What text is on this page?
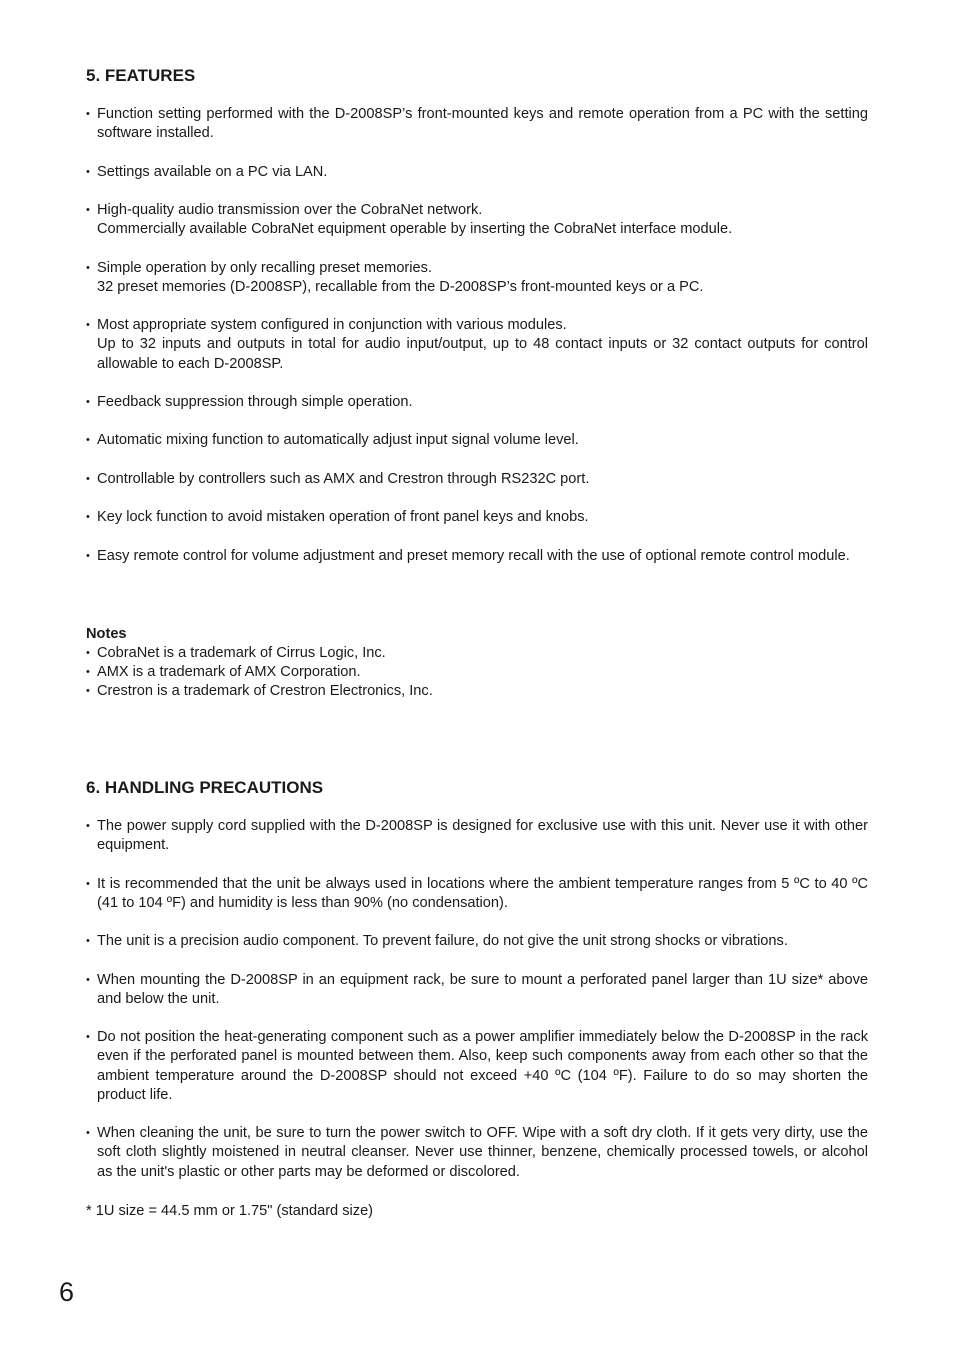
5. FEATURES
• Function setting performed with the D-2008SP’s front-mounted keys and remote operation from a PC with the setting software installed.
• Settings available on a PC via LAN.
• High-quality audio transmission over the CobraNet network.
Commercially available CobraNet equipment operable by inserting the CobraNet interface module.
• Simple operation by only recalling preset memories.
32 preset memories (D-2008SP), recallable from the D-2008SP’s front-mounted keys or a PC.
• Most appropriate system configured in conjunction with various modules.
Up to 32 inputs and outputs in total for audio input/output, up to 48 contact inputs or 32 contact outputs for control allowable to each D-2008SP.
• Feedback suppression through simple operation.
• Automatic mixing function to automatically adjust input signal volume level.
• Controllable by controllers such as AMX and Crestron through RS232C port.
• Key lock function to avoid mistaken operation of front panel keys and knobs.
• Easy remote control for volume adjustment and preset memory recall with the use of optional remote control module.

Notes

• CobraNet is a trademark of Cirrus Logic, Inc.
• AMX is a trademark of AMX Corporation.
• Crestron is a trademark of Crestron Electronics, Inc.
6. HANDLING PRECAUTIONS
• The power supply cord supplied with the D-2008SP is designed for exclusive use with this unit. Never use it with other equipment.
• It is recommended that the unit be always used in locations where the ambient temperature ranges from 5 ºC to 40 ºC (41 to 104 ºF) and humidity is less than 90% (no condensation).
• The unit is a precision audio component. To prevent failure, do not give the unit strong shocks or vibrations.
• When mounting the D-2008SP in an equipment rack, be sure to mount a perforated panel larger than 1U size* above and below the unit.
• Do not position the heat-generating component such as a power amplifier immediately below the D-2008SP in the rack even if the perforated panel is mounted between them. Also, keep such components away from each other so that the ambient temperature around the D-2008SP should not exceed +40 ºC (104 ºF). Failure to do so may shorten the product life.
• When cleaning the unit, be sure to turn the power switch to OFF. Wipe with a soft dry cloth. If it gets very dirty, use the soft cloth slightly moistened in neutral cleanser. Never use thinner, benzene, chemically processed towels, or alcohol as the unit's plastic or other parts may be deformed or discolored.

* 1U size = 44.5 mm or 1.75" (standard size)

6
